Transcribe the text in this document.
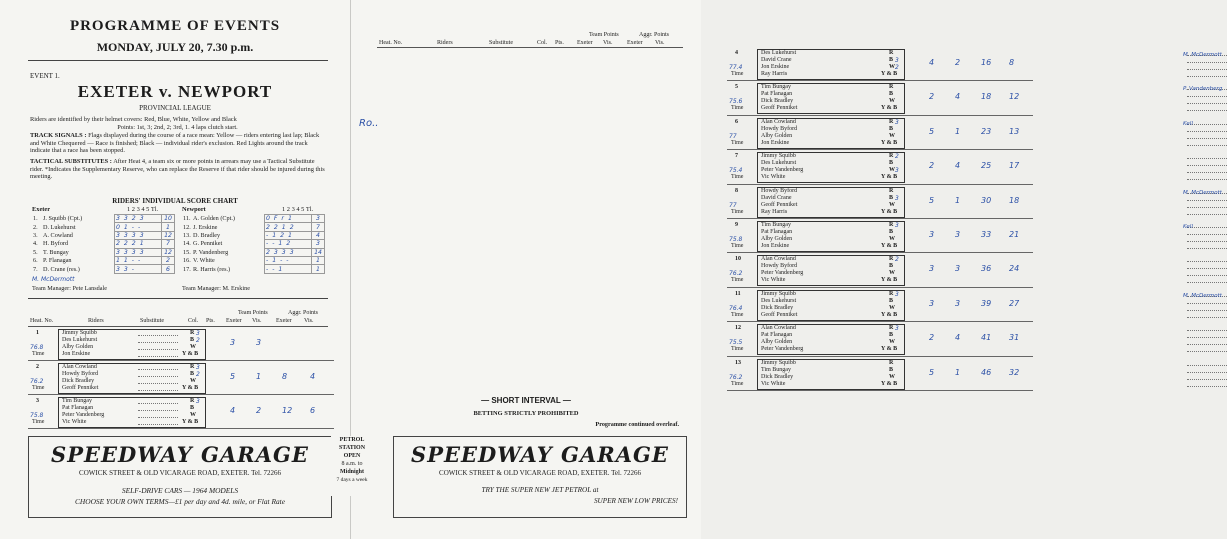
PROGRAMME OF EVENTS
MONDAY, JULY 20, 7.30 p.m.
EVENT 1.
EXETER v. NEWPORT
PROVINCIAL LEAGUE
Riders are identified by their helmet covers: Red, Blue, White, Yellow and Black
Points: 1st, 3; 2nd, 2; 3rd, 1. 4 laps clutch start.
TRACK SIGNALS : Flags displayed during the course of a race mean: Yellow — riders entering last lap; Black and White Chequered — Race is finished; Black — individual rider's exclusion. Red Lights around the track indicate that a race has been stopped.
TACTICAL SUBSTITUTES : After Heat 4, a team six or more points in arrears may use a Tactical Substitute rider. *Indicates the Supplementary Reserve, who can replace the Reserve if that rider should be injured during this meeting.
RIDERS' INDIVIDUAL SCORE CHART
Exeter	1 2 3 4 5 Tl.
1.	J. Squibb (Cpt.)	3 3 2 3	10
2.	D. Lukehurst	0 1 - -	1
3.	A. Cowland	3 3 3 3	12
4.	H. Byford	2 2 2 1	7
5.	T. Bungay	3 3 3 3	12
6.	P. Flanagan	1 1 - -	2
7.	D. Crane (res.)	3 3 -	6
Newport	1 2 3 4 5 Tl.
11.	A. Golden (Cpt.)	0 F r 1	3
12.	J. Erskine	2 2 1 2	7
13.	D. Bradley	- 1 2 1	4
14.	G. Penniket	- - 1 2	3
15.	P. Vandenberg	2 3 3 3	14
16.	V. White	- 1 - -	1
17.	R. Harris (res.)	- - 1	1
M. McDermott
Team Manager: Pete Lansdale	Team Manager: M. Erskine
Heat. No.	Riders	Substitute	Col. Pts.
Team Points
Exeter Vis.
Aggr. Points
Exeter Vis.
1
Time
76.8
Jimmy Squibb	R 3
Des Lukehurst	B 2
Alby Golden	W
Jon Erskine	Y & B
3	3
2
Time
76.2
Alan Cowland	R 3
Howdy Byford	B 2
Dick Bradley	W
Geoff Penniket	Y & B
5	1	8	4
3
Time
75.8
Tim Bungay	R 3
Pat Flanagan	B
Peter Vandenberg	W
Vic White	Y & B
4	2	12 6
SPEEDWAY GARAGE
COWICK STREET & OLD VICARAGE ROAD, EXETER. Tel. 72266
SELF-DRIVE CARS — 1964 MODELS
CHOOSE YOUR OWN TERMS—£1 per day and 4d. mile, or Flat Rate
Heat. No.	Riders	Substitute	Col. Pts.
Team Points
Exeter Vis.
Aggr. Points
Exeter Vis.
4
Time
77.4
Des Lukehurst	R
David Crane	B 3
Jon Erskine	W 2
Ray Harris	Y & B
M. McDermott
4	2	16 8
5
Time
75.6
Tim Bungay	R
Pat Flanagan	B
Dick Bradley	W
Geoff Penniket	Y & B
P. Vandenberg
2	4	18 12
6
Time
77
Alan Cowland	R 3
Howdy Byford	B
Alby Golden	W
Jon Erskine	Y & B
Kell
5	1	23 13
7
Time
75.4
Jimmy Squibb	R 2
Des Lukehurst	B
Peter Vandenberg	W 3
Vic White	Y & B
2	4	25 17
8
Time
77
Howdy Byford	R
David Crane	B 3
Geoff Penniket	W
Ray Harris	Y & B
M. McDermott
5	1	30 18
9
Time
75.8
Tim Bungay	R 3
Pat Flanagan	B
Alby Golden	W
Jon Erskine	Y & B
Kell
3	3	33 21
10
Time
76.2
Alan Cowland	R 2
Howdy Byford	B
Peter Vandenberg	W
Vic White	Y & B
3	3	36 24
11
Time
76.4
Jimmy Squibb	R 3
Des Lukehurst	B
Dick Bradley	W
Geoff Penniket	Y & B
M. McDermott
3	3	39 27
12
Time
75.5
Alan Cowland	R 3
Pat Flanagan	B
Alby Golden	W
Peter Vandenberg	Y & B
2	4	41 31
13
Time
76.2
Jimmy Squibb	R
Tim Bungay	B
Dick Bradley	W
Vic White	Y & B
5	1	46 32
Ro..
— SHORT INTERVAL —
BETTING STRICTLY PROHIBITED
Programme continued overleaf.
PETROL
STATION
OPEN
8 a.m. to
Midnight
7 days a week
SPEEDWAY GARAGE
COWICK STREET & OLD VICARAGE ROAD, EXETER. Tel. 72266
TRY THE SUPER NEW JET PETROL at
SUPER NEW LOW PRICES!
